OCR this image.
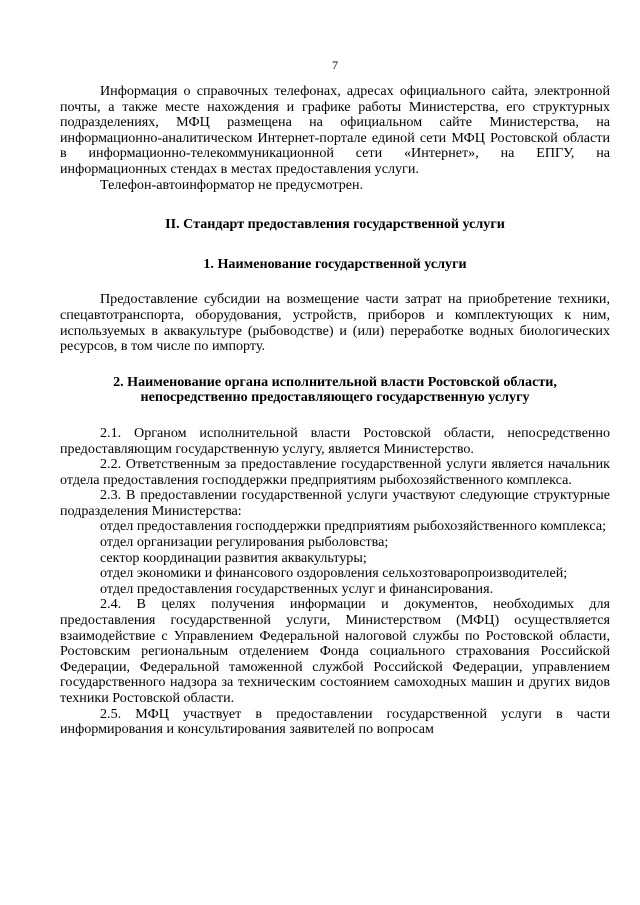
7

Информация о справочных телефонах, адресах официального сайта, электронной почты, а также месте нахождения и графике работы Министерства, его структурных подразделениях, МФЦ размещена на официальном сайте Министерства, на информационно-аналитическом Интернет-портале единой сети МФЦ Ростовской области в информационно-телекоммуникационной сети «Интернет», на ЕПГУ, на информационных стендах в местах предоставления услуги.

Телефон-автоинформатор не предусмотрен.

II. Стандарт предоставления государственной услуги
1. Наименование государственной услуги

Предоставление субсидии на возмещение части затрат на приобретение техники, спецавтотранспорта, оборудования, устройств, приборов и комплектующих к ним, используемых в аквакультуре (рыбоводстве) и (или) переработке водных биологических ресурсов, в том числе по импорту.

2. Наименование органа исполнительной власти Ростовской области,
непосредственно предоставляющего государственную услугу

2.1. Органом исполнительной власти Ростовской области, непосредственно предоставляющим государственную услугу, является Министерство.

2.2. Ответственным за предоставление государственной услуги является начальник отдела предоставления господдержки предприятиям рыбохозяйственного комплекса.

2.3. В предоставлении государственной услуги участвуют следующие структурные подразделения Министерства:

отдел предоставления господдержки предприятиям рыбохозяйственного комплекса;

отдел организации регулирования рыболовства;

сектор координации развития аквакультуры;

отдел экономики и финансового оздоровления сельхозтоваропроизводителей;

отдел предоставления государственных услуг и финансирования.

2.4. В целях получения информации и документов, необходимых для предоставления государственной услуги, Министерством (МФЦ) осуществляется взаимодействие с Управлением Федеральной налоговой службы по Ростовской области, Ростовским региональным отделением Фонда социального страхования Российской Федерации, Федеральной таможенной службой Российской Федерации, управлением государственного надзора за техническим состоянием самоходных машин и других видов техники Ростовской области.

2.5. МФЦ участвует в предоставлении государственной услуги в части информирования и консультирования заявителей по вопросам
